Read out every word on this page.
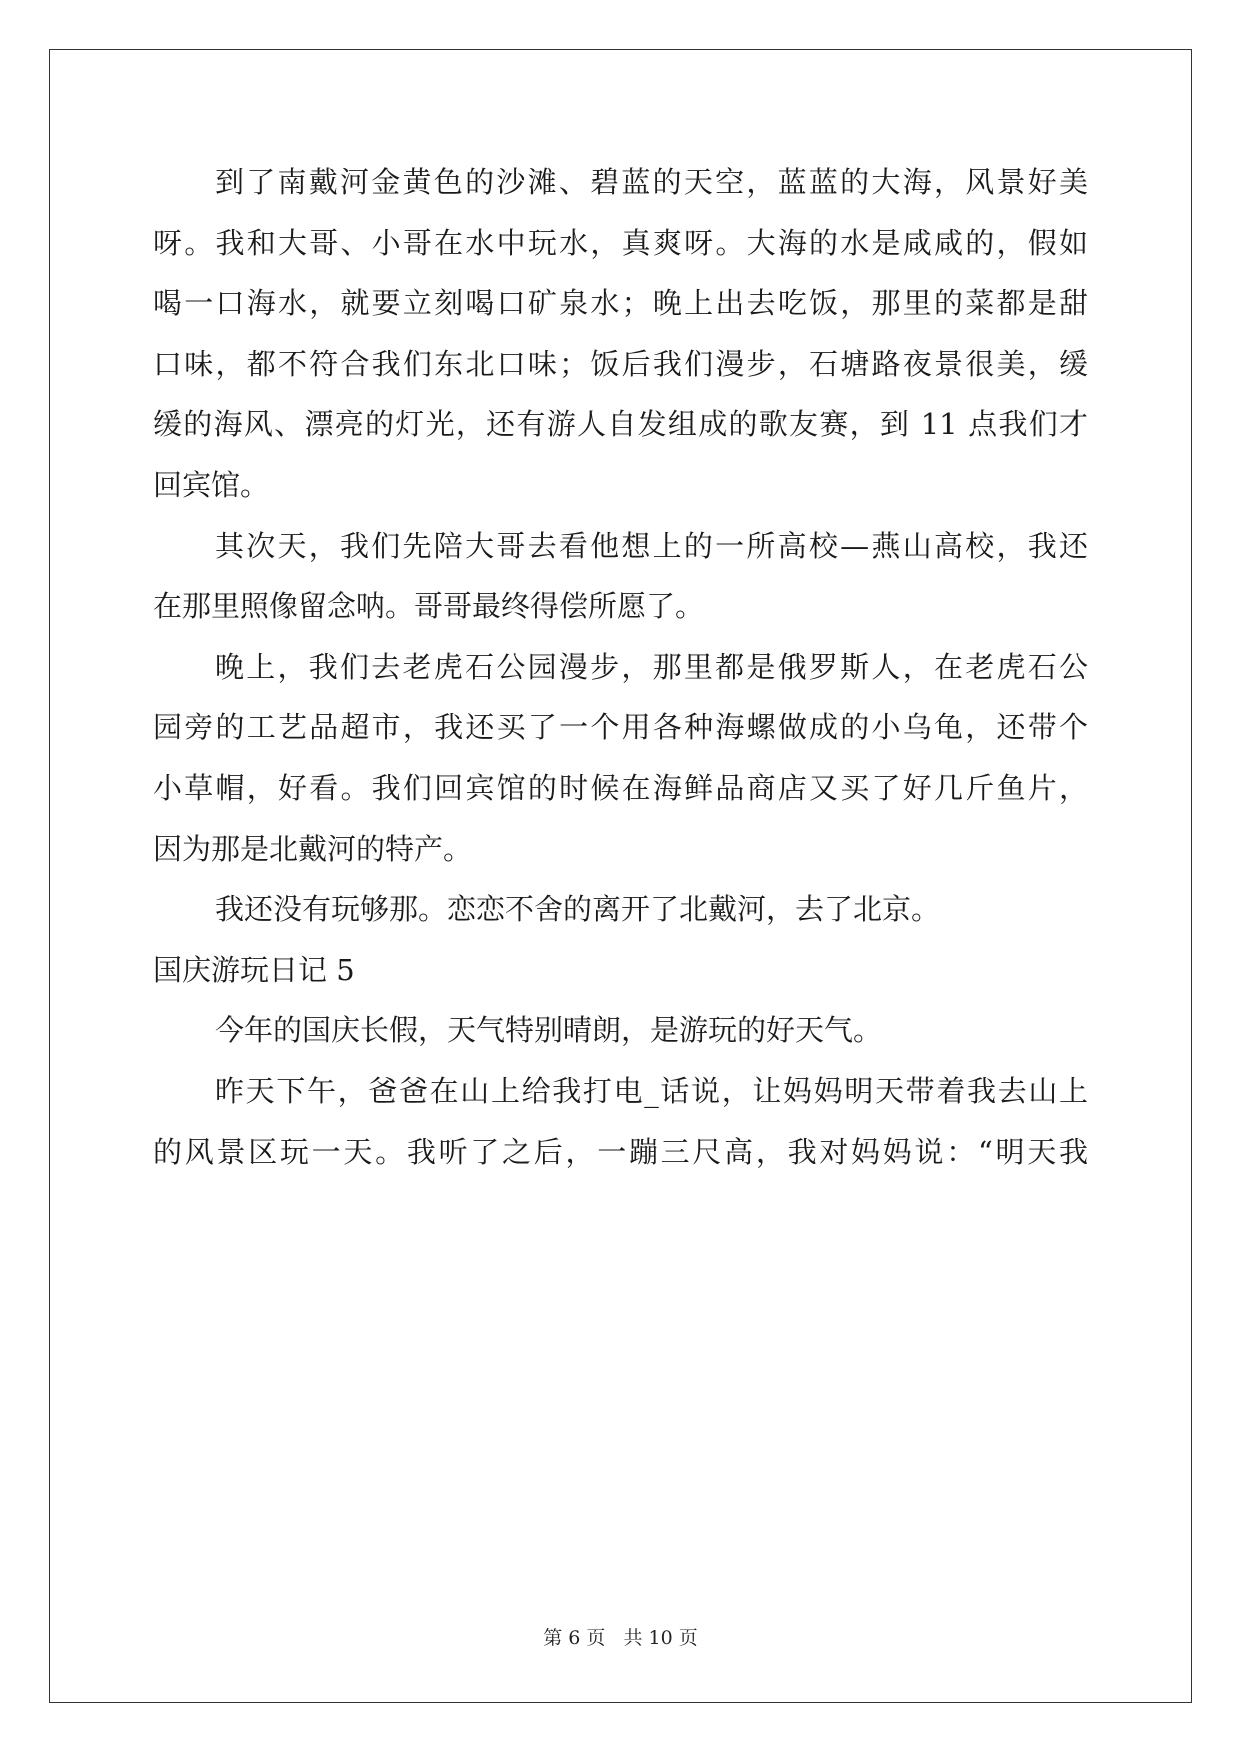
到了南戴河金黄色的沙滩、碧蓝的天空，蓝蓝的大海，风景好美
呀。我和大哥、小哥在水中玩水，真爽呀。大海的水是咸咸的，假如
喝一口海水，就要立刻喝口矿泉水；晚上出去吃饭，那里的菜都是甜
口味，都不符合我们东北口味；饭后我们漫步，石塘路夜景很美，缓
缓的海风、漂亮的灯光，还有游人自发组成的歌友赛，到 11 点我们才
回宾馆。
其次天，我们先陪大哥去看他想上的一所高校—燕山高校，我还
在那里照像留念呐。哥哥最终得偿所愿了。
晚上，我们去老虎石公园漫步，那里都是俄罗斯人，在老虎石公
园旁的工艺品超市，我还买了一个用各种海螺做成的小乌龟，还带个
小草帽，好看。我们回宾馆的时候在海鲜品商店又买了好几斤鱼片，
因为那是北戴河的特产。
我还没有玩够那。恋恋不舍的离开了北戴河，去了北京。
国庆游玩日记 5
今年的国庆长假，天气特别晴朗，是游玩的好天气。
昨天下午，爸爸在山上给我打电_话说，让妈妈明天带着我去山上
的风景区玩一天。我听了之后，一蹦三尺高，我对妈妈说：“明天我
第 6 页 共 10 页
